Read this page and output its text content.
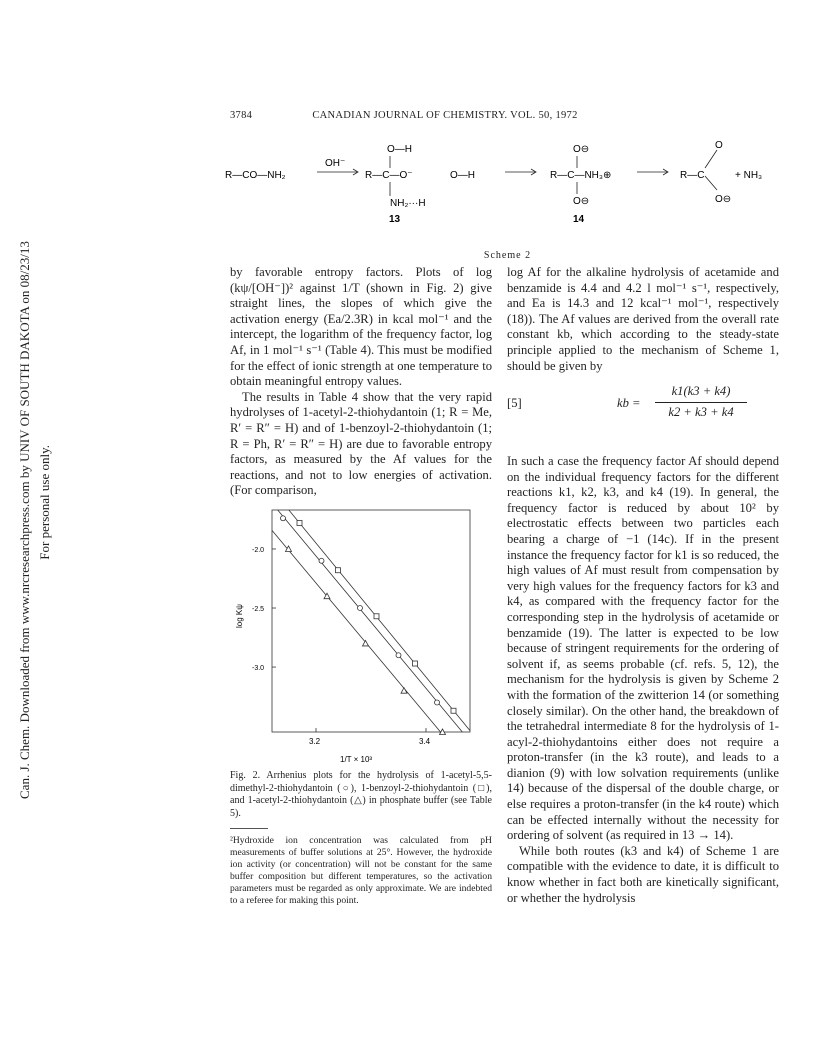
3784	CANADIAN JOURNAL OF CHEMISTRY. VOL. 50, 1972
Can. J. Chem. Downloaded from www.nrcresearchpress.com by UNIV OF SOUTH DAKOTA on 08/23/13 For personal use only.
R—CO—NH₂
OH⁻
R—C—O⁻
O—H
NH₂···H
O—H
13
R—C—NH₃⊕
O⊖
O⊖
14
R—C
O
O⊖
+ NH₃
Scheme 2

by favorable entropy factors. Plots of log (kψ/[OH⁻])² against 1/T (shown in Fig. 2) give straight lines, the slopes of which give the activation energy (Ea/2.3R) in kcal mol⁻¹ and the intercept, the logarithm of the frequency factor, log Af, in 1 mol⁻¹ s⁻¹ (Table 4). This must be modified for the effect of ionic strength at one temperature to obtain meaningful entropy values.

The results in Table 4 show that the very rapid hydrolyses of 1-acetyl-2-thiohydantoin (1; R = Me, R′ = R″ = H) and of 1-benzoyl-2-thiohydantoin (1; R = Ph, R′ = R″ = H) are due to favorable entropy factors, as measured by the Af values for the reactions, and not to low energies of activation. (For comparison,

log Af for the alkaline hydrolysis of acetamide and benzamide is 4.4 and 4.2 l mol⁻¹ s⁻¹, respectively, and Ea is 14.3 and 12 kcal⁻¹ mol⁻¹, respectively (18)). The Af values are derived from the overall rate constant kb, which according to the steady-state principle applied to the mechanism of Scheme 1, should be given by

[5]	kb =
k1(k3 + k4)
k2 + k3 + k4

In such a case the frequency factor Af should depend on the individual frequency factors for the different reactions k1, k2, k3, and k4 (19). In general, the frequency factor is reduced by about 10² by electrostatic effects between two particles each bearing a charge of −1 (14c). If in the present instance the frequency factor for k1 is so reduced, the high values of Af must result from compensation by very high values for the frequency factors for k3 and k4, as compared with the frequency factor for the corresponding step in the hydrolysis of acetamide or benzamide (19). The latter is expected to be low because of stringent requirements for the ordering of solvent if, as seems probable (cf. refs. 5, 12), the mechanism for the hydrolysis is given by Scheme 2 with the formation of the zwitterion 14 (or something closely similar). On the other hand, the breakdown of the tetrahedral intermediate 8 for the hydrolysis of 1-acyl-2-thiohydantoins either does not require a proton-transfer (in the k3 route), and leads to a dianion (9) with low solvation requirements (unlike 14) because of the dispersal of the double charge, or else requires a proton-transfer (in the k4 route) which can be effected internally without the necessity for ordering of solvent (as required in 13 → 14).

While both routes (k3 and k4) of Scheme 1 are compatible with the evidence to date, it is difficult to know whether in fact both are kinetically significant, or whether the hydrolysis

log Kψ
1/T × 10³
3.2	3.4
-2.0
-2.5
-3.0
Fig. 2. Arrhenius plots for the hydrolysis of 1-acetyl-5,5-dimethyl-2-thiohydantoin (○), 1-benzoyl-2-thiohydantoin (□), and 1-acetyl-2-thiohydantoin (△) in phosphate buffer (see Table 5).
²Hydroxide ion concentration was calculated from pH measurements of buffer solutions at 25°. However, the hydroxide ion activity (or concentration) will not be constant for the same buffer composition but different temperatures, so the activation parameters must be regarded as only approximate. We are indebted to a referee for making this point.
